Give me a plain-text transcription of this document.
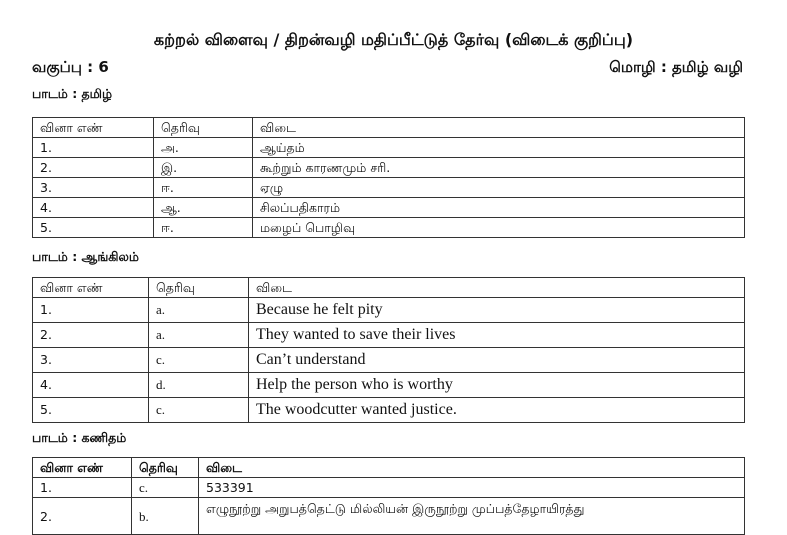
கற்றல் விளைவு / திறன்வழி மதிப்பீட்டுத் தேர்வு (விடைக் குறிப்பு)
வகுப்பு : 6	மொழி : தமிழ் வழி
பாடம் : தமிழ்
வினா எண்	தெரிவு	விடை
1.	அ.	ஆய்தம்
2.	இ.	கூற்றும் காரணமும் சரி.
3.	ஈ.	ஏழு
4.	ஆ.	சிலப்பதிகாரம்
5.	ஈ.	மழைப் பொழிவு
பாடம் : ஆங்கிலம்
வினா எண்	தெரிவு	விடை
1.	a.	Because he felt pity
2.	a.	They wanted to save their lives
3.	c.	Can’t understand
4.	d.	Help the person who is worthy
5.	c.	The woodcutter wanted justice.
பாடம் : கணிதம்
வினா எண்	தெரிவு	விடை
1.	c.	533391
2.	b.	எழுநூற்று அறுபத்தெட்டு மில்லியன் இருநூற்று முப்பத்தேழாயிரத்து
